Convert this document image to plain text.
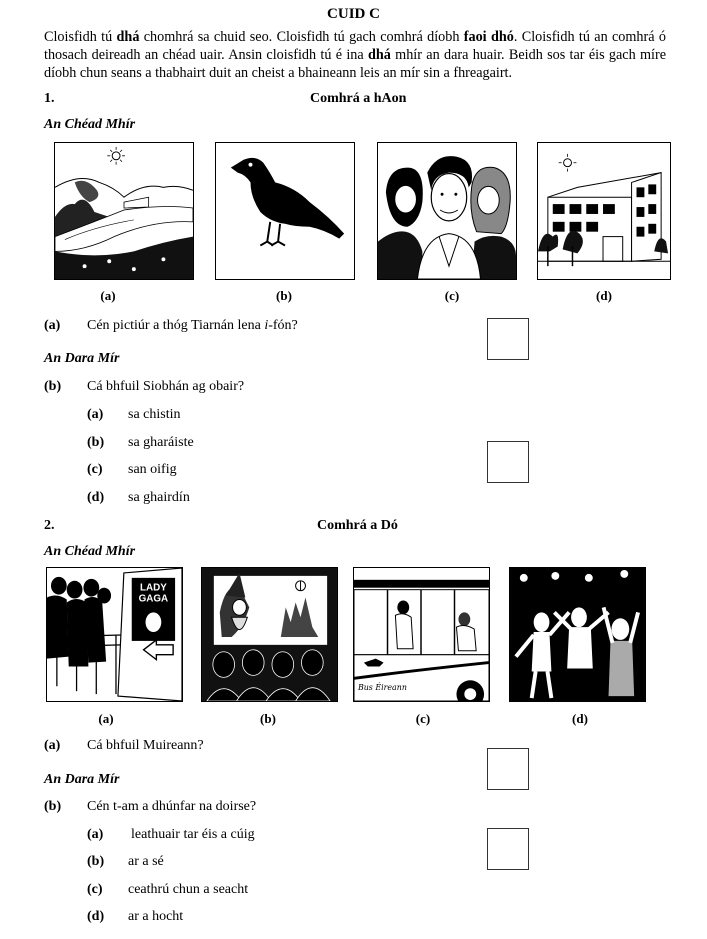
CUID C
Cloisfidh tú dhá chomhrá sa chuid seo. Cloisfidh tú gach comhrá díobh faoi dhó. Cloisfidh tú an comhrá ó thosach deireadh an chéad uair. Ansin cloisfidh tú é ina dhá mhír an dara huair. Beidh sos tar éis gach míre díobh chun seans a thabhairt duit an cheist a bhaineann leis an mír sin a fhreagairt.
1.	Comhrá a hAon
An Chéad Mhír
(a)	(b)	(c)	(d)
(a) Cén pictiúr a thóg Tiarnán lena i-fón?
An Dara Mír
(b) Cá bhfuil Siobhán ag obair?
(a) sa chistin
(b) sa gharáiste
(c) san oifig
(d) sa ghairdín
2.	Comhrá a Dó
An Chéad Mhír
LADY
GAGA
(a)	(b)
Bus Éireann
(c)	(d)
(a) Cá bhfuil Muireann?
An Dara Mír
(b) Cén t-am a dhúnfar na doirse?
(a) leathuair tar éis a cúig
(b) ar a sé
(c) ceathrú chun a seacht
(d) ar a hocht
